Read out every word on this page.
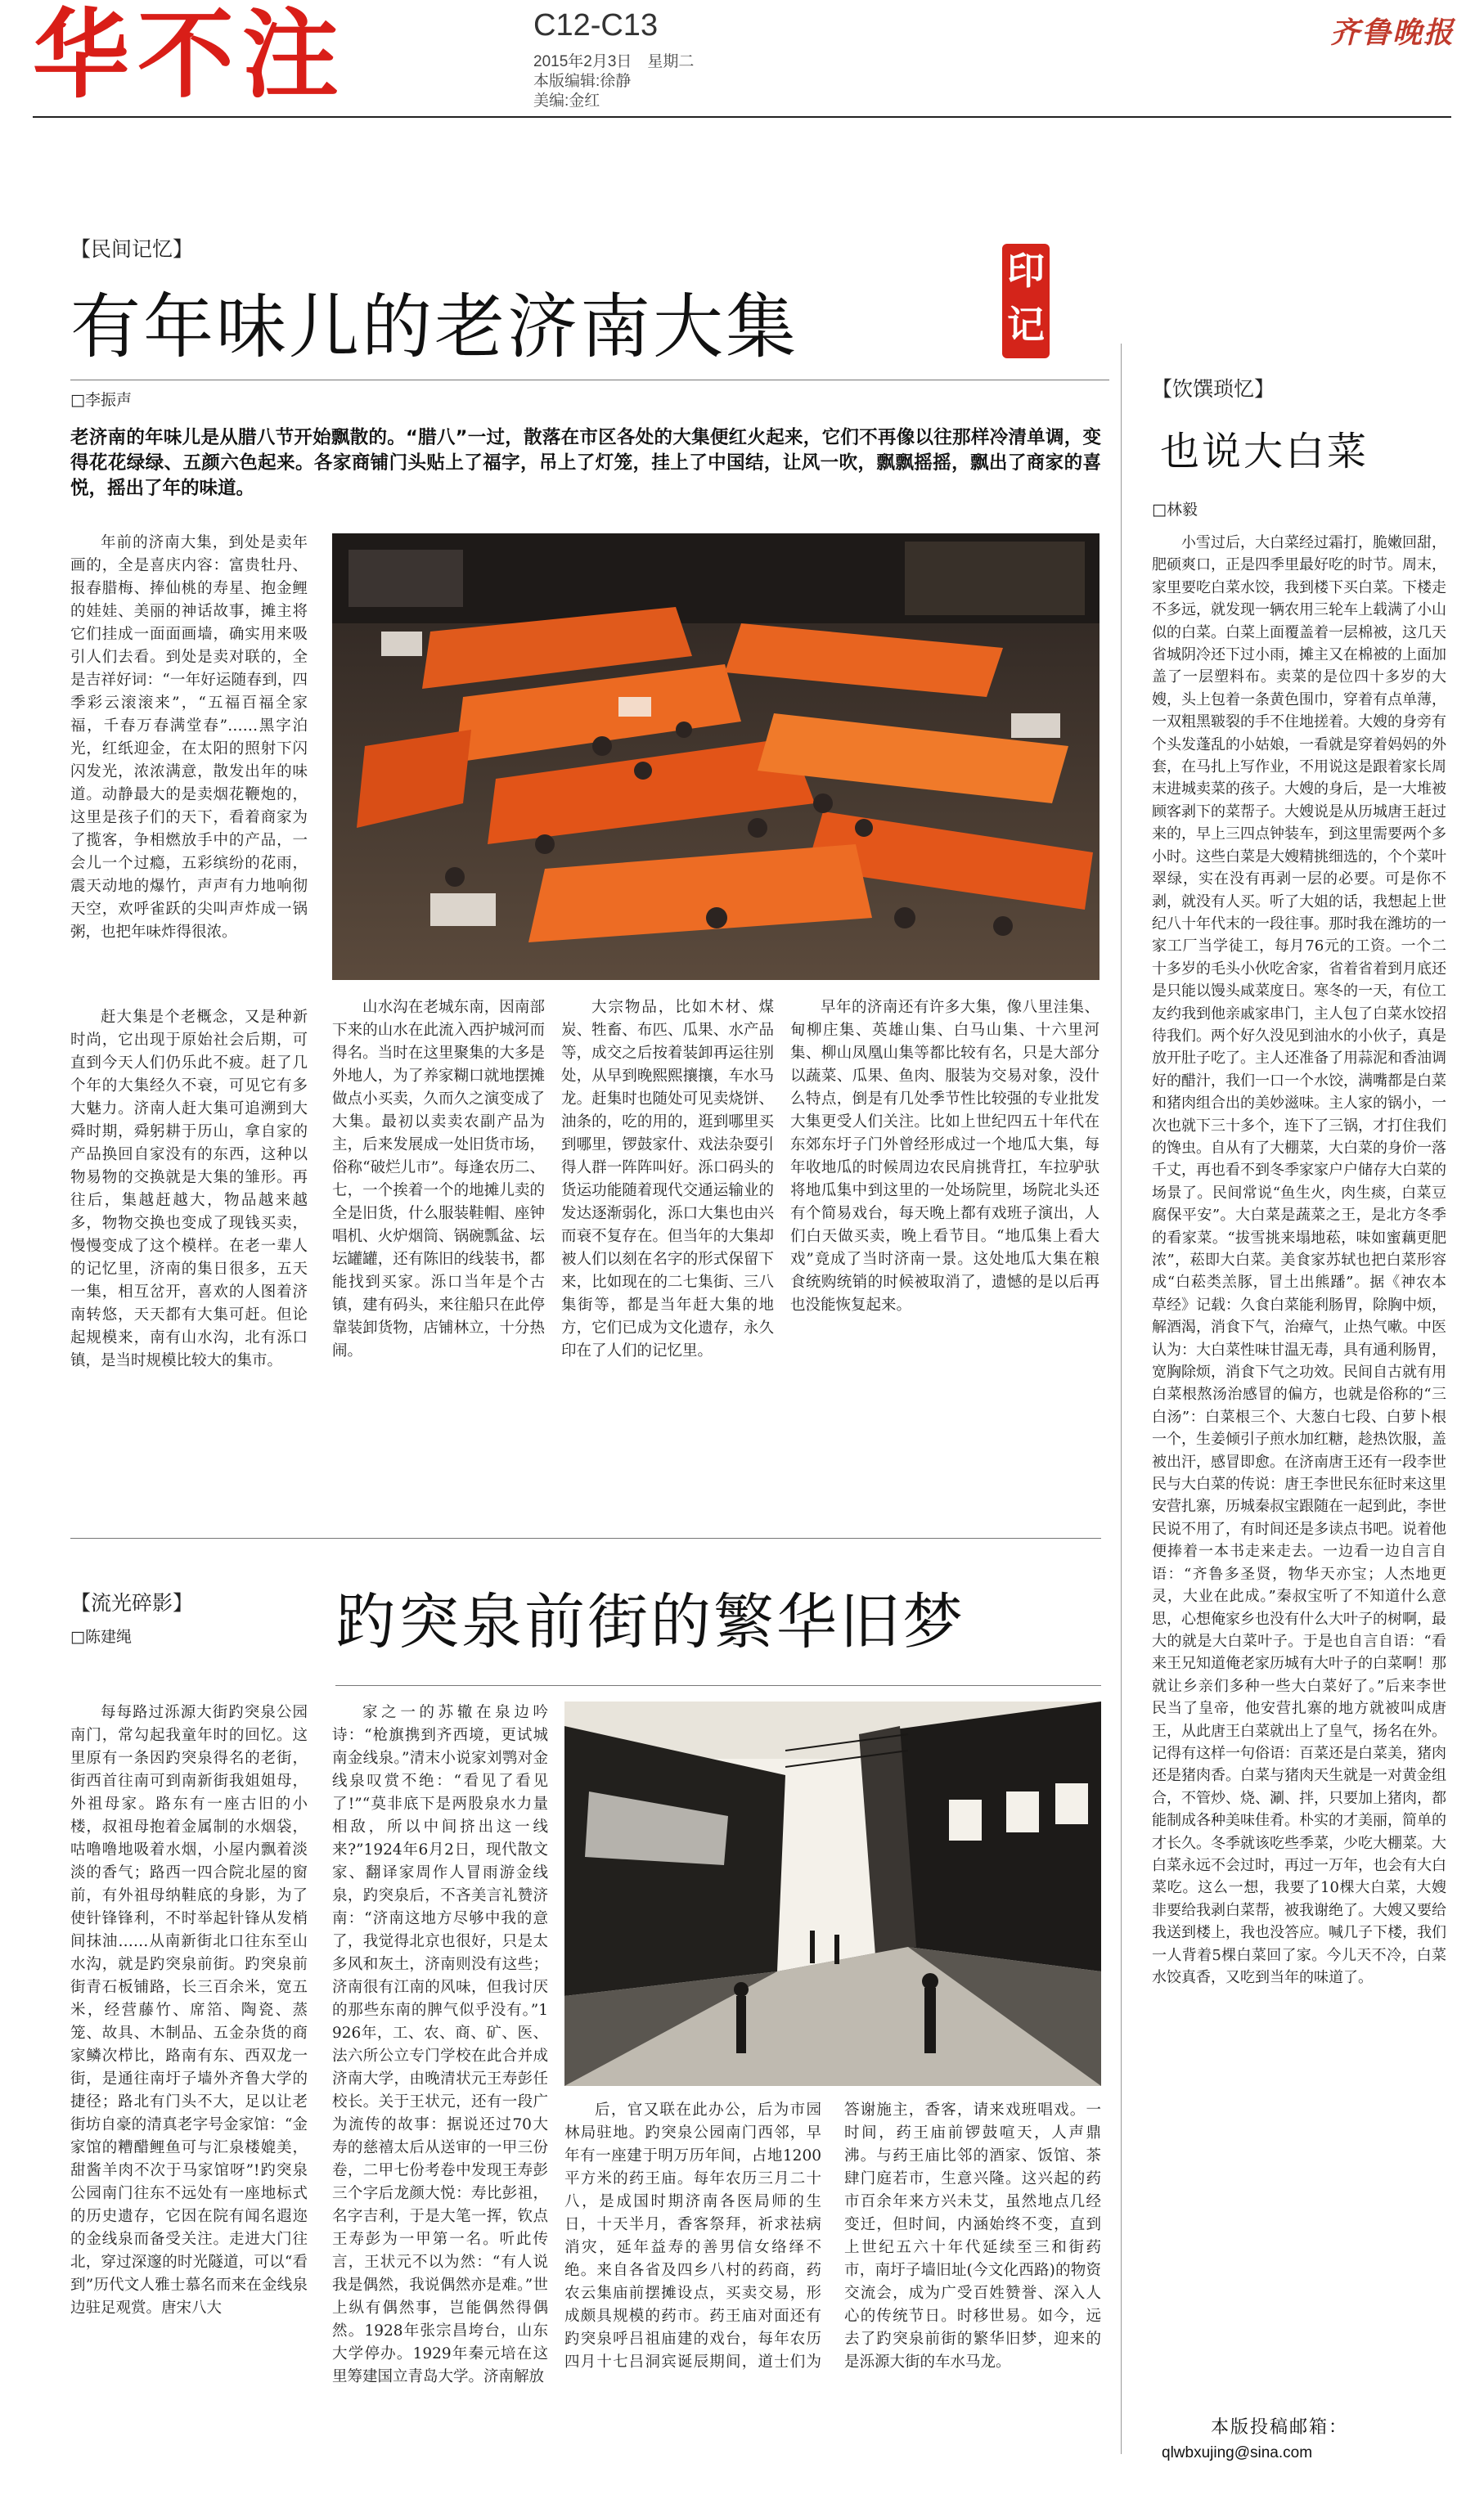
华不注	C12-C13
2015年2月3日　星期二
本版编辑:徐静
美编:金红
齐鲁晚报
【民间记忆】	印记
有年味儿的老济南大集
□李振声
老济南的年味儿是从腊八节开始飘散的。“腊八”一过，散落在市区各处的大集便红火起来，它们不再像以往那样冷清单调，变得花花绿绿、五颜六色起来。各家商铺门头贴上了福字，吊上了灯笼，挂上了中国结，让风一吹，飘飘摇摇，飘出了商家的喜悦，摇出了年的味道。

年前的济南大集，到处是卖年画的，全是喜庆内容：富贵牡丹、报春腊梅、捧仙桃的寿星、抱金鲤的娃娃、美丽的神话故事，摊主将它们挂成一面面画墙，确实用来吸引人们去看。到处是卖对联的，全是吉祥好词：“一年好运随春到，四季彩云滚滚来”，“五福百福全家福，千春万春满堂春”……黑字泊光，红纸迎金，在太阳的照射下闪闪发光，浓浓满意，散发出年的味道。动静最大的是卖烟花鞭炮的，这里是孩子们的天下，看着商家为了揽客，争相燃放手中的产品，一会儿一个过瘾，五彩缤纷的花雨，震天动地的爆竹，声声有力地响彻天空，欢呼雀跃的尖叫声炸成一锅粥，也把年味炸得很浓。

赶大集是个老概念，又是种新时尚，它出现于原始社会后期，可直到今天人们仍乐此不疲。赶了几个年的大集经久不衰，可见它有多大魅力。济南人赶大集可追溯到大舜时期，舜躬耕于历山，拿自家的产品换回自家没有的东西，这种以物易物的交换就是大集的雏形。再往后，集越赶越大，物品越来越多，物物交换也变成了现钱买卖，慢慢变成了这个模样。在老一辈人的记忆里，济南的集日很多，五天一集，相互岔开，喜欢的人图着济南转悠，天天都有大集可赶。但论起规模来，南有山水沟，北有泺口镇，是当时规模比较大的集市。

山水沟在老城东南，因南部下来的山水在此流入西护城河而得名。当时在这里聚集的大多是外地人，为了养家糊口就地摆摊做点小买卖，久而久之演变成了大集。最初以卖卖农副产品为主，后来发展成一处旧货市场，俗称“破烂儿市”。每逢农历二、七，一个挨着一个的地摊儿卖的全是旧货，什么服装鞋帽、座钟唱机、火炉烟筒、锅碗瓢盆、坛坛罐罐，还有陈旧的线装书，都能找到买家。泺口当年是个古镇，建有码头，来往船只在此停靠装卸货物，店铺林立，十分热闹。

大宗物品，比如木材、煤炭、牲畜、布匹、瓜果、水产品等，成交之后按着装卸再运往别处，从早到晚熙熙攘攘，车水马龙。赶集时也随处可见卖烧饼、油条的，吃的用的，逛到哪里买到哪里，锣鼓家什、戏法杂耍引得人群一阵阵叫好。泺口码头的货运功能随着现代交通运输业的发达逐渐弱化，泺口大集也由兴而衰不复存在。但当年的大集却被人们以刻在名字的形式保留下来，比如现在的二七集街、三八集街等，都是当年赶大集的地方，它们已成为文化遗存，永久印在了人们的记忆里。

早年的济南还有许多大集，像八里洼集、甸柳庄集、英雄山集、白马山集、十六里河集、柳山凤凰山集等都比较有名，只是大部分以蔬菜、瓜果、鱼肉、服装为交易对象，没什么特点，倒是有几处季节性比较强的专业批发大集更受人们关注。比如上世纪四五十年代在东郊东圩子门外曾经形成过一个地瓜大集，每年收地瓜的时候周边农民肩挑背扛，车拉驴驮将地瓜集中到这里的一处场院里，场院北头还有个简易戏台，每天晚上都有戏班子演出，人们白天做买卖，晚上看节目。“地瓜集上看大戏”竟成了当时济南一景。这处地瓜大集在粮食统购统销的时候被取消了，遗憾的是以后再也没能恢复起来。

【饮馔琐忆】
也说大白菜
□林毅

小雪过后，大白菜经过霜打，脆嫩回甜，肥硕爽口，正是四季里最好吃的时节。周末，家里要吃白菜水饺，我到楼下买白菜。下楼走不多远，就发现一辆农用三轮车上载满了小山似的白菜。白菜上面覆盖着一层棉被，这几天省城阴冷还下过小雨，摊主又在棉被的上面加盖了一层塑料布。卖菜的是位四十多岁的大嫂，头上包着一条黄色围巾，穿着有点单薄，一双粗黑皲裂的手不住地搓着。大嫂的身旁有个头发蓬乱的小姑娘，一看就是穿着妈妈的外套，在马扎上写作业，不用说这是跟着家长周末进城卖菜的孩子。大嫂的身后，是一大堆被顾客剥下的菜帮子。大嫂说是从历城唐王赶过来的，早上三四点钟装车，到这里需要两个多小时。这些白菜是大嫂精挑细选的，个个菜叶翠绿，实在没有再剥一层的必要。可是你不剥，就没有人买。听了大姐的话，我想起上世纪八十年代末的一段往事。那时我在潍坊的一家工厂当学徒工，每月76元的工资。一个二十多岁的毛头小伙吃舍家，省着省着到月底还是只能以馒头咸菜度日。寒冬的一天，有位工友约我到他亲戚家串门，主人包了白菜水饺招待我们。两个好久没见到油水的小伙子，真是放开肚子吃了。主人还准备了用蒜泥和香油调好的醋汁，我们一口一个水饺，满嘴都是白菜和猪肉组合出的美妙滋味。主人家的锅小，一次也就下三十多个，连下了三锅，才打住我们的馋虫。自从有了大棚菜，大白菜的身价一落千丈，再也看不到冬季家家户户储存大白菜的场景了。民间常说“鱼生火，肉生痰，白菜豆腐保平安”。大白菜是蔬菜之王，是北方冬季的看家菜。“拔雪挑来塌地菘，味如蜜藕更肥浓”，菘即大白菜。美食家苏轼也把白菜形容成“白菘类羔豚，冒土出熊蹯”。据《神农本草经》记载：久食白菜能利肠胃，除胸中烦，解酒渴，消食下气，治瘴气，止热气嗽。中医认为：大白菜性味甘温无毒，具有通利肠胃，宽胸除烦，消食下气之功效。民间自古就有用白菜根熬汤治感冒的偏方，也就是俗称的“三白汤”：白菜根三个、大葱白七段、白萝卜根一个，生姜倾引子煎水加红糖，趁热饮服，盖被出汗，感冒即愈。在济南唐王还有一段李世民与大白菜的传说：唐王李世民东征时来这里安营扎寨，历城秦叔宝跟随在一起到此，李世民说不用了，有时间还是多读点书吧。说着他便捧着一本书走来走去。一边看一边自言自语：“齐鲁多圣贤，物华天亦宝；人杰地更灵，大业在此成。”秦叔宝听了不知道什么意思，心想俺家乡也没有什么大叶子的树啊，最大的就是大白菜叶子。于是也自言自语：“看来王兄知道俺老家历城有大叶子的白菜啊！那就让乡亲们多种一些大白菜好了。”后来李世民当了皇帝，他安营扎寨的地方就被叫成唐王，从此唐王白菜就出上了皇气，扬名在外。记得有这样一句俗语：百菜还是白菜美，猪肉还是猪肉香。白菜与猪肉天生就是一对黄金组合，不管炒、烧、涮、拌，只要加上猪肉，都能制成各种美味佳肴。朴实的才美丽，简单的才长久。冬季就该吃些季菜，少吃大棚菜。大白菜永远不会过时，再过一万年，也会有大白菜吃。这么一想，我要了10棵大白菜，大嫂非要给我剥白菜帮，被我谢绝了。大嫂又要给我送到楼上，我也没答应。喊几子下楼，我们一人背着5棵白菜回了家。今儿天不冷，白菜水饺真香，又吃到当年的味道了。

本版投稿邮箱：
qlwbxujing@sina.com
【流光碎影】
□陈建绳	趵突泉前街的繁华旧梦

每每路过泺源大街趵突泉公园南门，常勾起我童年时的回忆。这里原有一条因趵突泉得名的老街，街西首往南可到南新街我姐姐母，外祖母家。路东有一座古旧的小楼，叔祖母抱着金属制的水烟袋，咕噜噜地吸着水烟，小屋内飘着淡淡的香气；路西一四合院北屋的窗前，有外祖母纳鞋底的身影，为了使针锋锋利，不时举起针锋从发梢间抹油……从南新街北口往东至山水沟，就是趵突泉前街。趵突泉前街青石板铺路，长三百余米，宽五米，经营藤竹、席箔、陶瓷、蒸笼、故具、木制品、五金杂货的商家鳞次栉比，路南有东、西双龙一街，是通往南圩子墙外齐鲁大学的捷径；路北有门头不大，足以让老街坊自豪的清真老字号金家馆：“金家馆的糟醋鲤鱼可与汇泉楼媲美，甜酱羊肉不次于马家馆呀”!趵突泉公园南门往东不远处有一座地标式的历史遗存，它因在院有闻名遐迩的金线泉而备受关注。走进大门往北，穿过深邃的时光隧道，可以“看到”历代文人雅士慕名而来在金线泉边驻足观赏。唐宋八大

家之一的苏辙在泉边吟诗：“枪旗携到齐西境，更试城南金线泉。”清末小说家刘鹗对金线泉叹赏不绝：“看见了看见了!”“莫非底下是两股泉水力量相敌，所以中间挤出这一线来?”1924年6月2日，现代散文家、翻译家周作人冒雨游金线泉，趵突泉后，不吝美言礼赞济南：“济南这地方尽够中我的意了，我觉得北京也很好，只是太多风和灰土，济南则没有这些；济南很有江南的风味，但我讨厌的那些东南的脾气似乎没有。”1926年，工、农、商、矿、医、法六所公立专门学校在此合并成济南大学，由晚清状元王寿彭任校长。关于王状元，还有一段广为流传的故事：据说还过70大寿的慈禧太后从送审的一甲三份卷，二甲七份考卷中发现王寿彭三个字后龙颜大悦：寿比彭祖，名字吉利，于是大笔一挥，钦点王寿彭为一甲第一名。听此传言，王状元不以为然：“有人说我是偶然，我说偶然亦是难。”世上纵有偶然事，岂能偶然得偶然。1928年张宗昌垮台，山东大学停办。1929年秦元培在这里筹建国立青岛大学。济南解放

后，官又联在此办公，后为市园林局驻地。趵突泉公园南门西邻，早年有一座建于明万历年间，占地1200平方米的药王庙。每年农历三月二十八，是成国时期济南各医局师的生日，十天半月，香客祭拜，祈求祛病消灾，延年益寿的善男信女络绎不绝。来自各省及四乡八村的药商，药农云集庙前摆摊设点，买卖交易，形成颇具规模的药市。药王庙对面还有趵突泉呼吕祖庙建的戏台，每年农历四月十七吕洞宾诞辰期间，道士们为答谢施主，香客，请来戏班唱戏。一时间，药王庙前锣鼓喧天，人声鼎沸。与药王庙比邻的酒家、饭馆、茶肆门庭若市，生意兴隆。这兴起的药市百余年来方兴未艾，虽然地点几经变迁，但时间，内涵始终不变，直到上世纪五六十年代延续至三和街药市，南圩子墙旧址(今文化西路)的物资交流会，成为广受百姓赞誉、深入人心的传统节日。时移世易。如今，远去了趵突泉前街的繁华旧梦，迎来的是泺源大街的车水马龙。
